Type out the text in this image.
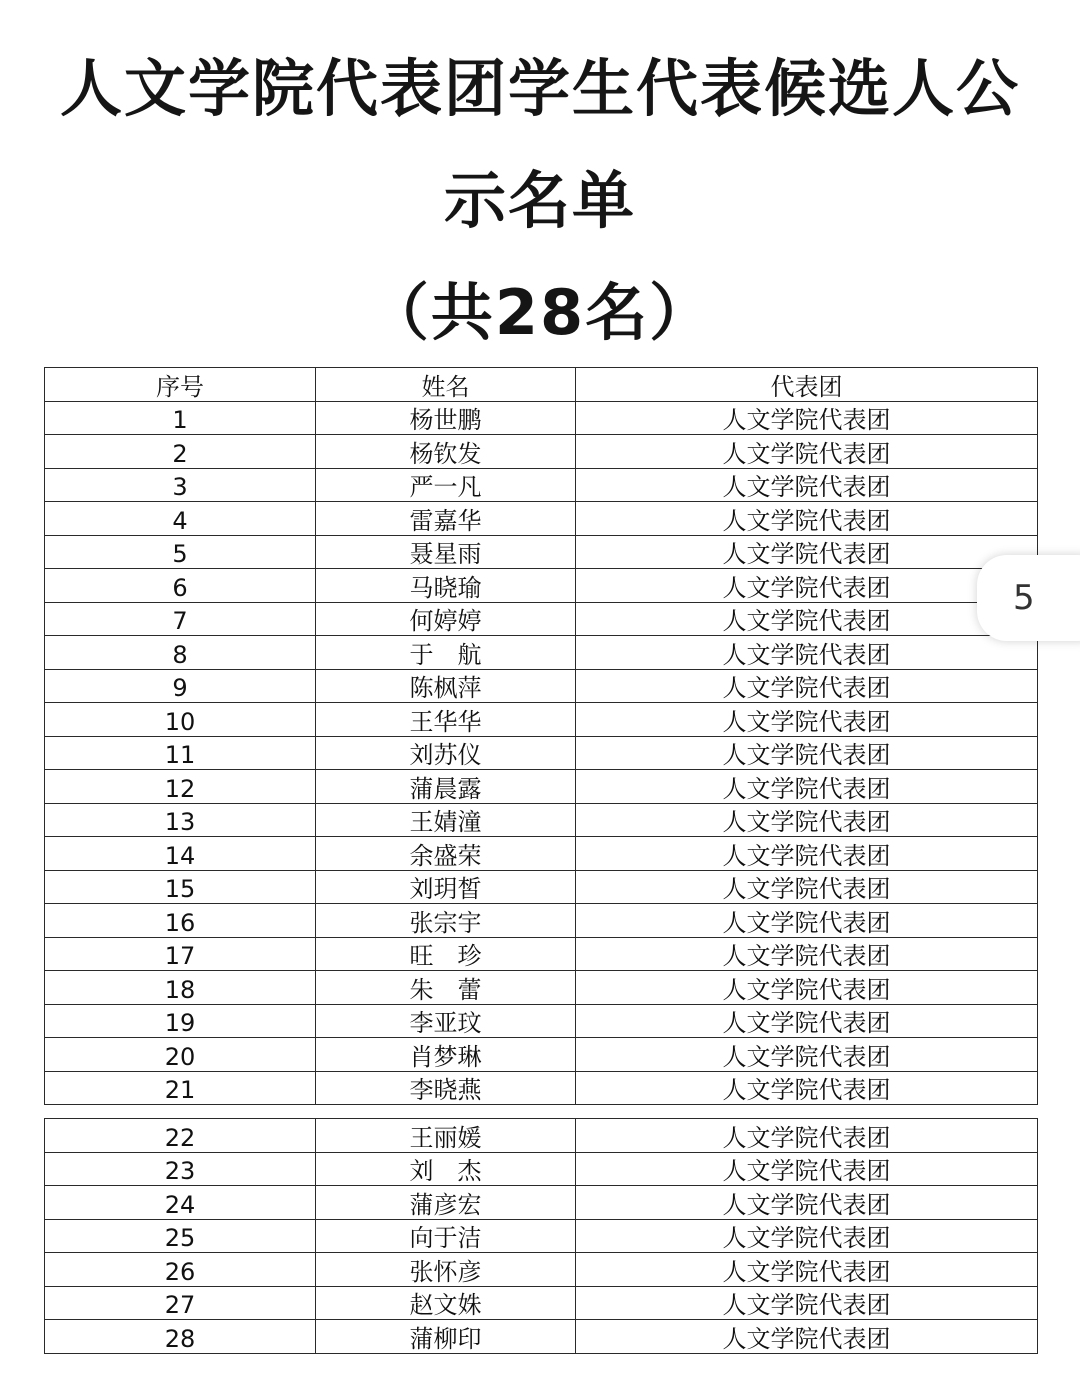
人文学院代表团学生代表候选人公
示名单
（共28名）
序号	姓名	代表团
1	杨世鹏	人文学院代表团
2	杨钦发	人文学院代表团
3	严一凡	人文学院代表团
4	雷嘉华	人文学院代表团
5	聂星雨	人文学院代表团
6	马晓瑜	人文学院代表团
7	何婷婷	人文学院代表团
8	于　航	人文学院代表团
9	陈枫萍	人文学院代表团
10	王华华	人文学院代表团
11	刘苏仪	人文学院代表团
12	蒲晨露	人文学院代表团
13	王婧潼	人文学院代表团
14	余盛荣	人文学院代表团
15	刘玥皙	人文学院代表团
16	张宗宇	人文学院代表团
17	旺　珍	人文学院代表团
18	朱　蕾	人文学院代表团
19	李亚玟	人文学院代表团
20	肖梦琳	人文学院代表团
21	李晓燕	人文学院代表团
22	王丽媛	人文学院代表团
23	刘　杰	人文学院代表团
24	蒲彦宏	人文学院代表团
25	向于洁	人文学院代表团
26	张怀彦	人文学院代表团
27	赵文姝	人文学院代表团
28	蒲柳印	人文学院代表团
5
